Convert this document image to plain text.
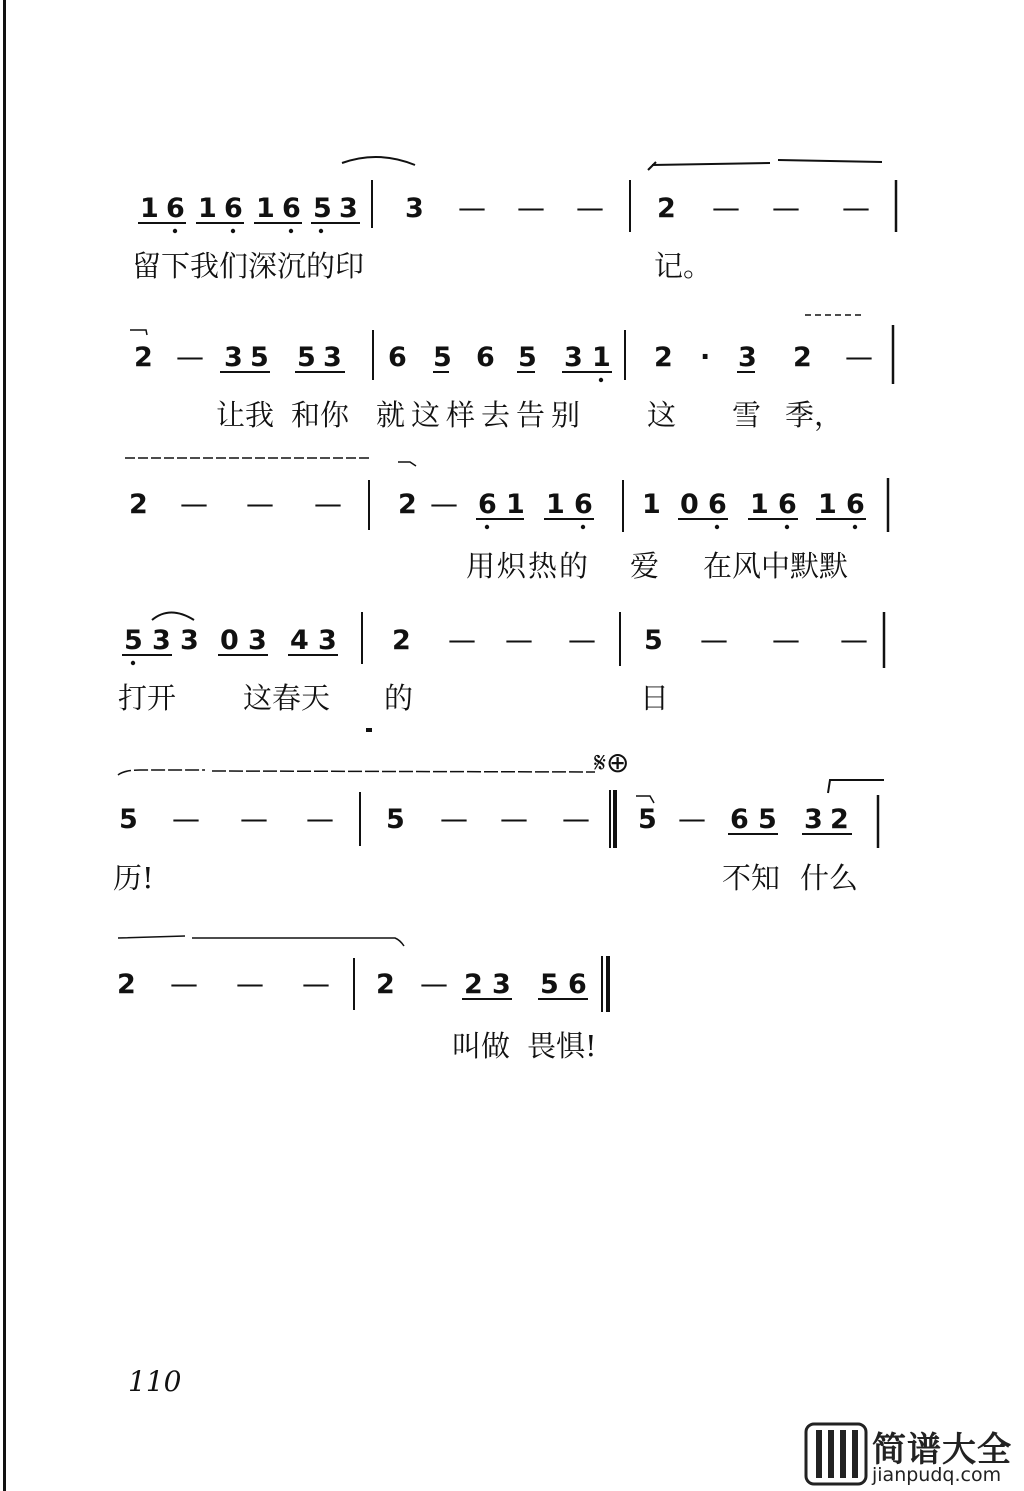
1 6 1 6 1 6 5 3 3 — — — 2 — — —
留下我们深沉的印	记。
2 — 3 5 5 3 6 5 6 5 3 1 2 · 3 2 —
让我 和你 就这样去告别 这 雪 季，
2 — — — 2 — 6 1 1 6 1 0 6 1 6 1 6
用炽热的 爱 在风中默默
5 3 3 0 3 4 3 2 — — — 5 — — —
打开 这春天 的	日
𝄋⊕
5 — — — 5 — — — 5 — 6 5 3 2
历!	不知 什么
2 — — — 2 — 2 3 5 6
叫做 畏惧!
110
简谱大全
jianpudq.com
